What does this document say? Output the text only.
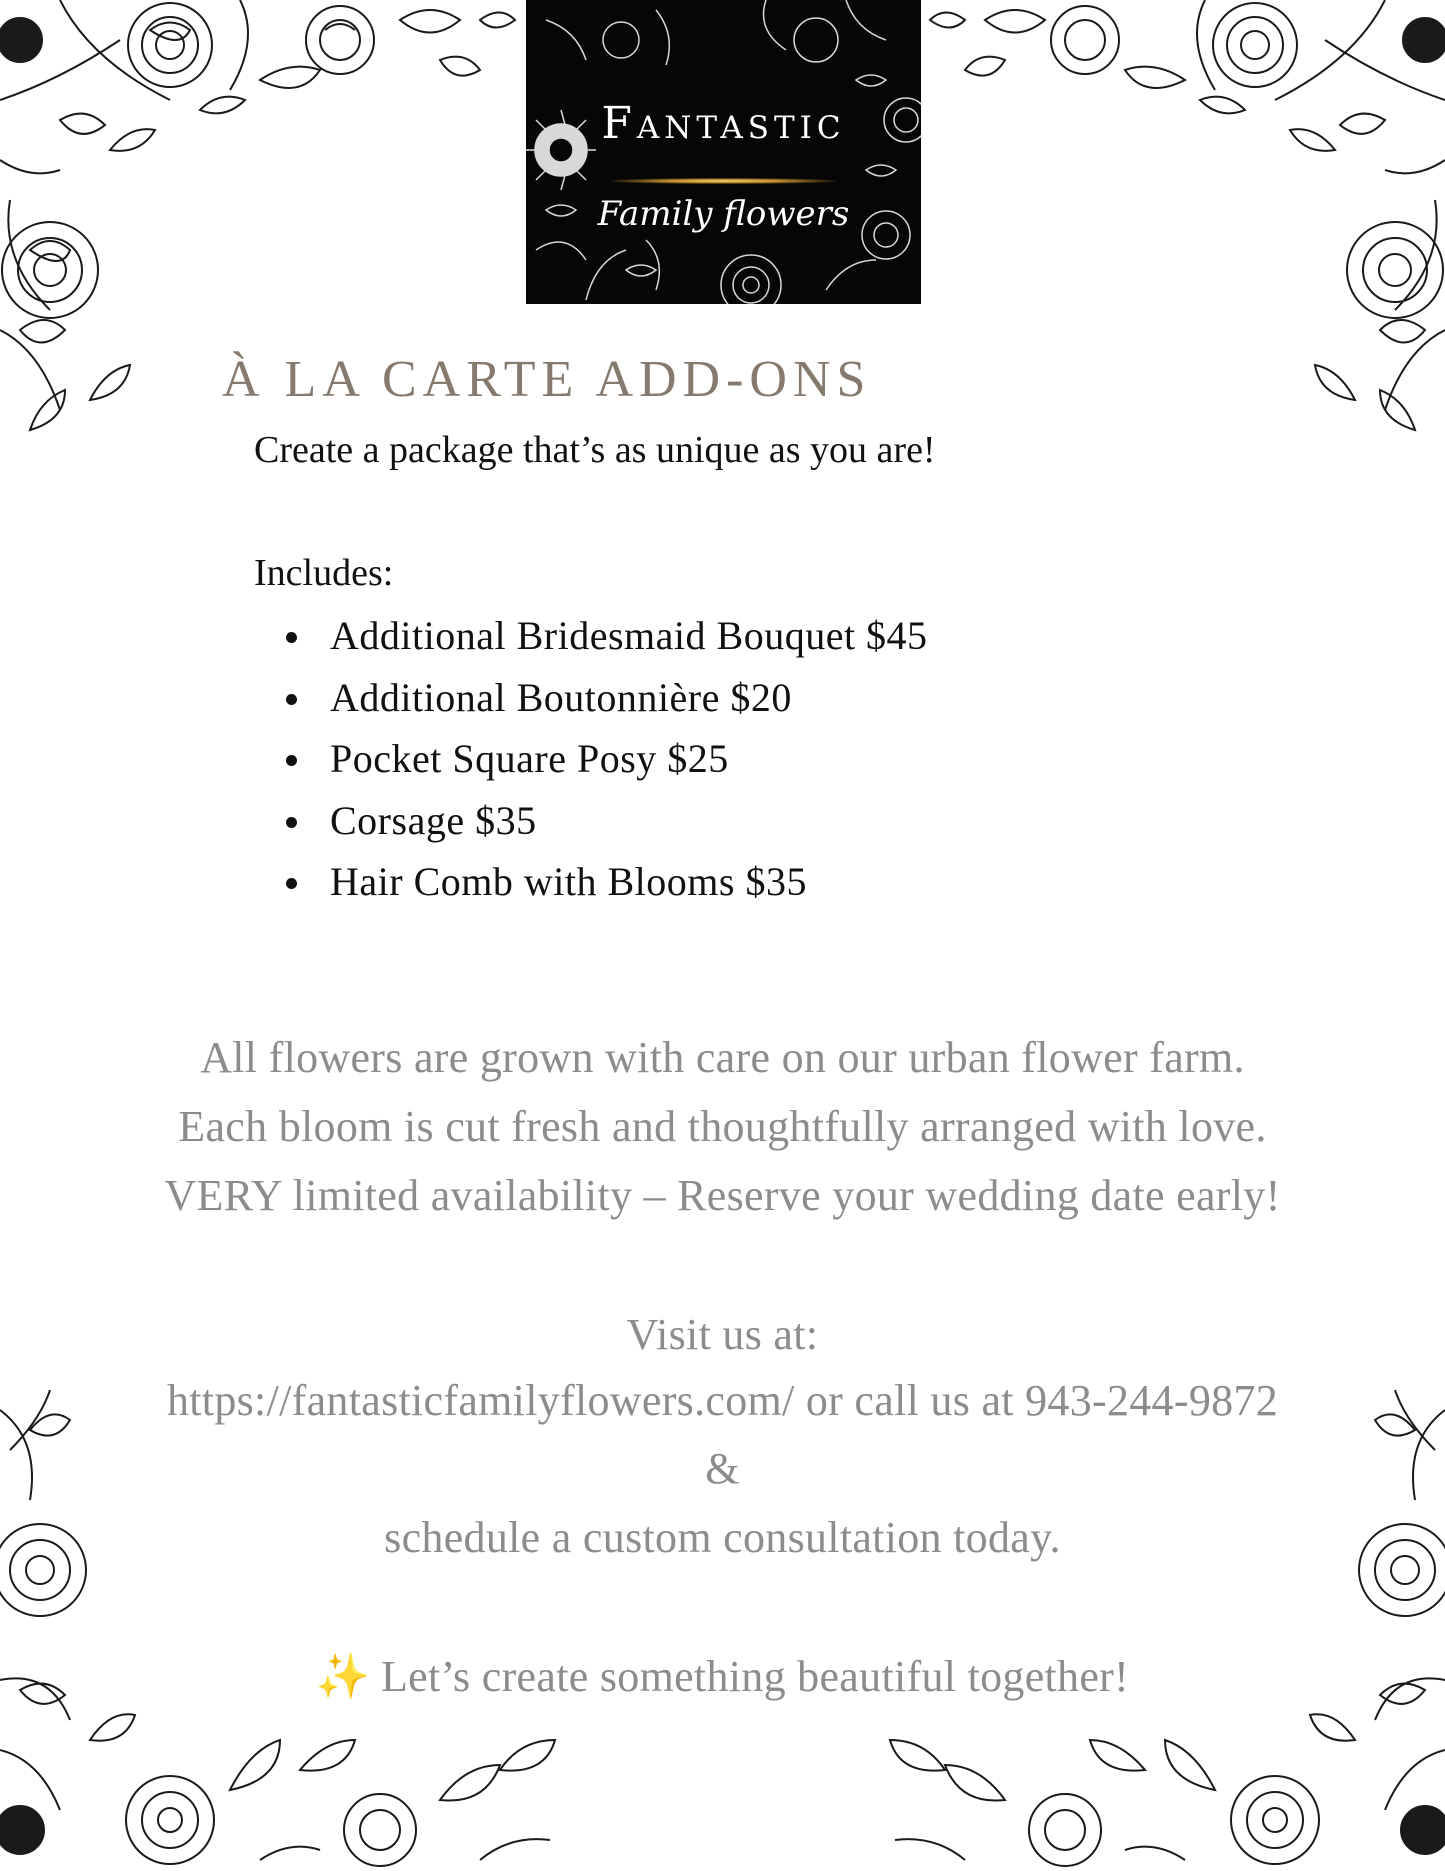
Fantastic
Family flowers
À LA CARTE ADD-ONS

Create a package that’s as unique as you are!

Includes:

Additional Bridesmaid Bouquet $45
Additional Boutonnière $20
Pocket Square Posy $25
Corsage $35
Hair Comb with Blooms $35

All flowers are grown with care on our urban flower farm.

Each bloom is cut fresh and thoughtfully arranged with love.

VERY limited availability – Reserve your wedding date early!

Visit us at:

https://fantasticfamilyflowers.com/ or call us at 943-244-9872

&

schedule a custom consultation today.

✨ Let’s create something beautiful together!
